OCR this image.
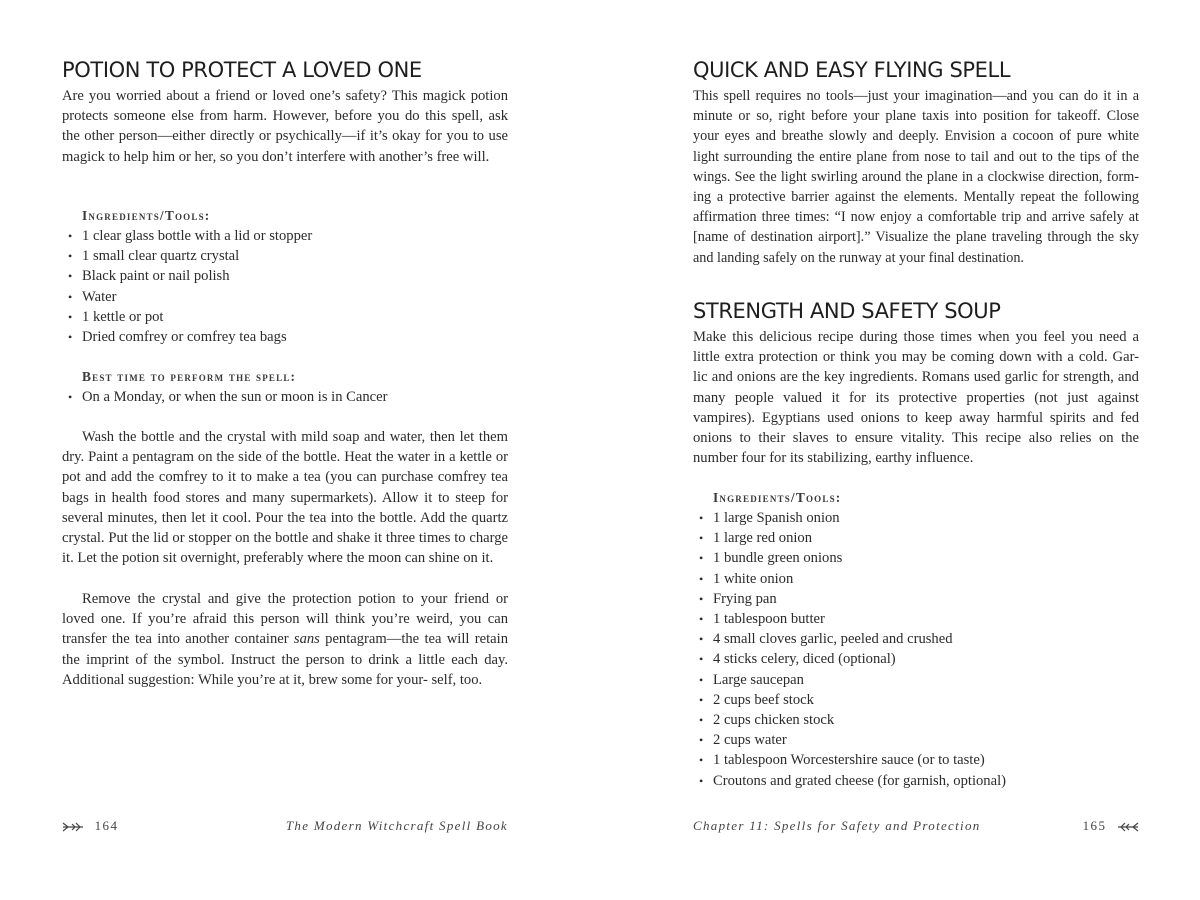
POTION TO PROTECT A LOVED ONE

Are you worried about a friend or loved one’s safety? This magick potion protects someone else from harm. However, before you do this spell, ask the other person—either directly or psychically—if it’s okay for you to use magick to help him or her, so you don’t interfere with another’s free will.

Ingredients/Tools:

• 1 clear glass bottle with a lid or stopper
• 1 small clear quartz crystal
• Black paint or nail polish
• Water
• 1 kettle or pot
• Dried comfrey or comfrey tea bags

Best time to perform the spell:

• On a Monday, or when the sun or moon is in Cancer

Wash the bottle and the crystal with mild soap and water, then let them dry. Paint a pentagram on the side of the bottle. Heat the water in a kettle or pot and add the comfrey to it to make a tea (you can purchase comfrey tea bags in health food stores and many supermarkets). Allow it to steep for several minutes, then let it cool. Pour the tea into the bottle. Add the quartz crystal. Put the lid or stopper on the bottle and shake it three times to charge it. Let the potion sit overnight, preferably where the moon can shine on it.

Remove the crystal and give the protection potion to your friend or loved one. If you’re afraid this person will think you’re weird, you can transfer the tea into another container sans pentagram—the tea will retain the imprint of the symbol. Instruct the person to drink a little each day. Additional suggestion: While you’re at it, brew some for your- self, too.

164	The Modern Witchcraft Spell Book
QUICK AND EASY FLYING SPELL

This spell requires no tools—just your imagination—and you can do it in a minute or so, right before your plane taxis into position for takeoff. Close your eyes and breathe slowly and deeply. Envision a cocoon of pure white light surrounding the entire plane from nose to tail and out to the tips of the wings. See the light swirling around the plane in a clockwise direction, form- ing a protective barrier against the elements. Mentally repeat the following affirmation three times: “I now enjoy a comfortable trip and arrive safely at [name of destination airport].” Visualize the plane traveling through the sky and landing safely on the runway at your final destination.

STRENGTH AND SAFETY SOUP

Make this delicious recipe during those times when you feel you need a little extra protection or think you may be coming down with a cold. Gar- lic and onions are the key ingredients. Romans used garlic for strength, and many people valued it for its protective properties (not just against vampires). Egyptians used onions to keep away harmful spirits and fed onions to their slaves to ensure vitality. This recipe also relies on the number four for its stabilizing, earthy influence.

Ingredients/Tools:

• 1 large Spanish onion
• 1 large red onion
• 1 bundle green onions
• 1 white onion
• Frying pan
• 1 tablespoon butter
• 4 small cloves garlic, peeled and crushed
• 4 sticks celery, diced (optional)
• Large saucepan
• 2 cups beef stock
• 2 cups chicken stock
• 2 cups water
• 1 tablespoon Worcestershire sauce (or to taste)
• Croutons and grated cheese (for garnish, optional)
Chapter 11: Spells for Safety and Protection	165
